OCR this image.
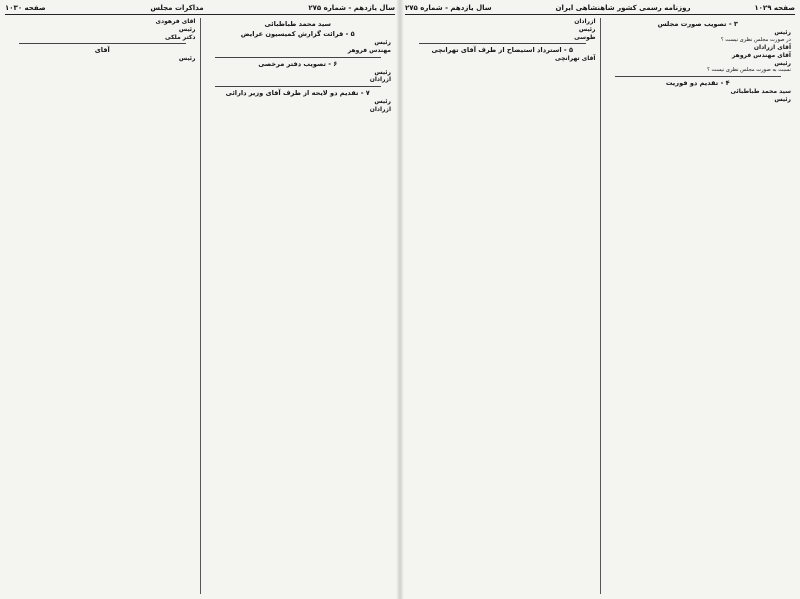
صفحه ۱۰۲۹
روزنامه رسمی کشور شاهنشاهی ایران
سال یازدهم - شماره ۲۷۵
۳ - تصویب صورت مجلس
رئیس

در صورت مجلس نظری نیست ؟

آقای ازرادان
آقای مهندس فروهر
رئیس

نسبت به صورت مجلس نظری نیست ؟

۴ - تقدیم دو فوریت
سید محمد طباطبائی
رئیس
ازرادان
رئیس
طوسی
۵ - استرداد استیضاح از طرف آقای تهرانچی
آقای تهرانچی
سال یازدهم - شماره ۲۷۵
مذاکرات مجلس
صفحه ۱۰۳۰
سید محمد طباطبائی
۵ - قرائت گزارش کمیسیون عرایض
رئیس
مهندس فروهر
۶ - تصویب دفتر مرخصی
رئیس
ازرادان
۷ - تقدیم دو لایحه از طرف آقای وزیر دارائی
رئیس
ازرادان
آقای فرهودی
رئیس
دکتر ملکی
آقای
رئیس
